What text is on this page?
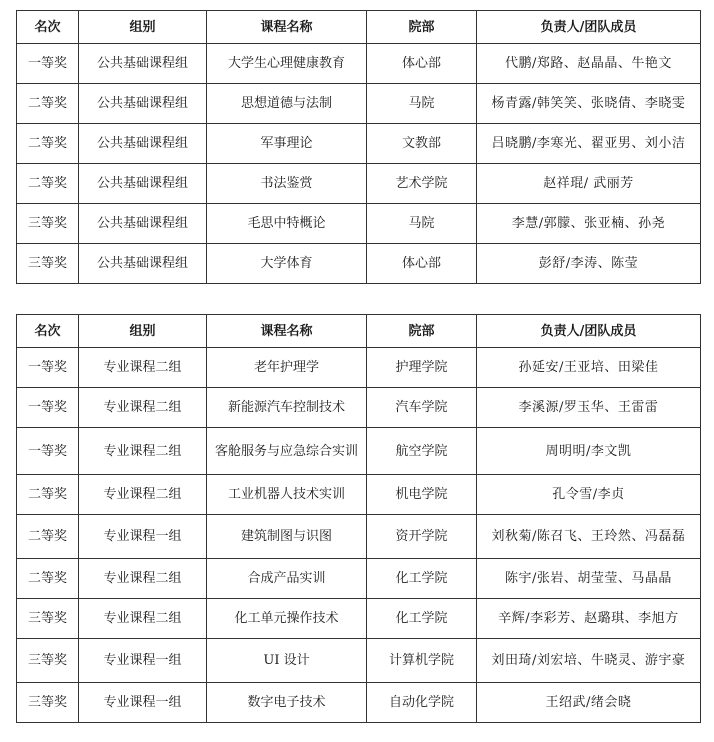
名次	组别	课程名称	院部	负责人/团队成员
一等奖	公共基础课程组	大学生心理健康教育	体心部	代鹏/郑路、赵晶晶、牛艳文
二等奖	公共基础课程组	思想道德与法制	马院	杨青露/韩笑笑、张晓倩、李晓雯
二等奖	公共基础课程组	军事理论	文教部	吕晓鹏/李寒光、翟亚男、刘小洁
二等奖	公共基础课程组	书法鉴赏	艺术学院	赵祥琨/ 武丽芳
三等奖	公共基础课程组	毛思中特概论	马院	李慧/郭朦、张亚楠、孙尧
三等奖	公共基础课程组	大学体育	体心部	彭舒/李涛、陈莹
名次	组别	课程名称	院部	负责人/团队成员
一等奖	专业课程二组	老年护理学	护理学院	孙延安/王亚培、田梁佳
一等奖	专业课程二组	新能源汽车控制技术	汽车学院	李溪源/罗玉华、王雷雷
一等奖	专业课程二组	客舱服务与应急综合实训	航空学院	周明明/李文凯
二等奖	专业课程二组	工业机器人技术实训	机电学院	孔令雪/李贞
二等奖	专业课程一组	建筑制图与识图	资开学院	刘秋菊/陈召飞、王玲然、冯磊磊
二等奖	专业课程二组	合成产品实训	化工学院	陈宇/张岩、胡莹莹、马晶晶
三等奖	专业课程二组	化工单元操作技术	化工学院	辛辉/李彩芳、赵璐琪、李旭方
三等奖	专业课程一组	UI 设计	计算机学院	刘田琦/刘宏培、牛晓灵、游宇豪
三等奖	专业课程一组	数字电子技术	自动化学院	王绍武/绪会晓
